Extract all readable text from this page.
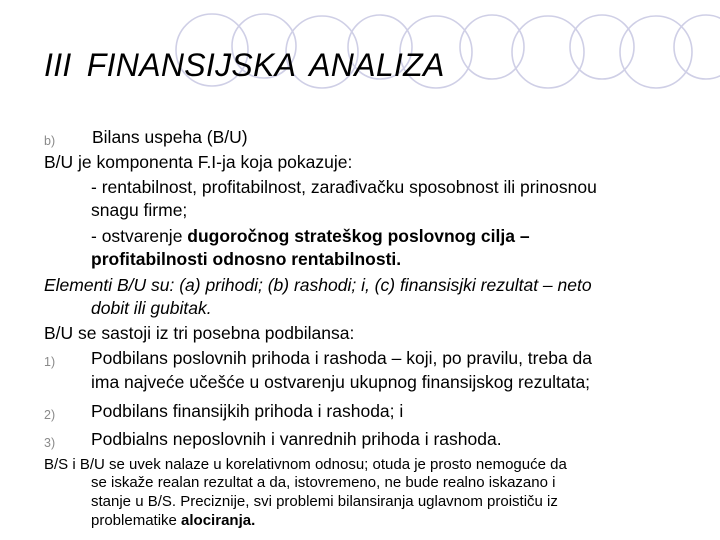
III FINANSIJSKA ANALIZA
b) Bilans uspeha (B/U)
B/U je komponenta F.I-ja koja pokazuje:
- rentabilnost, profitabilnost, zarađivačku sposobnost ili prinosnou
snagu firme;
- ostvarenje dugoročnog strateškog poslovnog cilja –
profitabilnosti odnosno rentabilnosti.
Elementi B/U su: (a) prihodi; (b) rashodi; i, (c) finansisjki rezultat – neto
dobit ili gubitak.
B/U se sastoji iz tri posebna podbilansa:
1) Podbilans poslovnih prihoda i rashoda – koji, po pravilu, treba da
ima najveće učešće u ostvarenju ukupnog finansijskog rezultata;
2) Podbilans finansijkih prihoda i rashoda; i
3) Podbialns neposlovnih i vanrednih prihoda i rashoda.
B/S i B/U se uvek nalaze u korelativnom odnosu; otuda je prosto nemoguće da
se iskaže realan rezultat a da, istovremeno, ne bude realno iskazano i
stanje u B/S. Preciznije, svi problemi bilansiranja uglavnom proističu iz
problematike alociranja.
